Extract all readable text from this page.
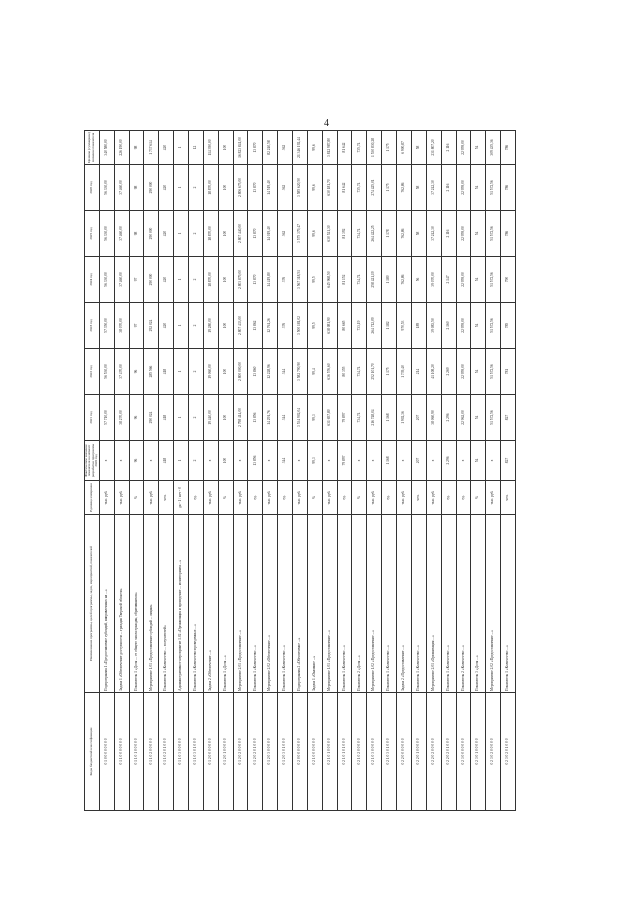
4
Коды бюджетной классификации	Наименование программы, целей программы, задач, мероприятий, показателей	Единица измерения	Фактическое значение показателя на момент разработки программы 2020 год	2021 год	2022 год	2023 год	2024 год	2025 год	2026 год	Целевое (суммарное) значение показателя
0 1 0 0 0 0 0 0 0 0	Подпрограмма 1 «Предоставление субсидий, направленных на ...»	тыс. руб.	х	57 710,00	56 530,00	57 350,00	56 330,00	56 330,00	56 330,00	340 580,00
0 1 1 0 0 0 0 0 0 0	Задача 1 «Обеспечение доступности ... граждан Тверской области»	тыс. руб.	х	38 270,00	37 470,00	38 070,00	37 460,00	37 460,00	37 460,00	226 190,00
0 1 1 0 1 0 0 0 0 0	Показатель 1 «Доля ... от общего числа граждан, обратившихся»	%	96	96	96	97	97	98	98	98
0 1 1 0 2 0 0 0 0 0	Мероприятие 1.01 «Предоставление субсидий ... лицам»	тыс. руб.	х	290 024	285 566	292 024	290 000	290 000	290 000	1 737 614
0 1 1 0 2 0 1 0 0 0	Показатель 1 «Количество ... получателей»	чел.	418	418	418	420	420	420	420	420
0 1 1 0 3 0 0 0 0 0	Административное мероприятие 1.02 «Организация и проведение ... мониторинга ...»	да - 1 / нет - 0	1	1	1	1	1	1	1	1
0 1 1 0 3 0 1 0 0 0	Показатель 1 «Количество проведенных ...»	ед.	2	2	2	2	2	2	2	12
0 1 2 0 0 0 0 0 0 0	Задача 2 «Обеспечение ...»	тыс. руб.	х	19 440,00	19 060,00	19 280,00	18 870,00	18 870,00	18 870,00	114 390,00
0 1 2 0 1 0 0 0 0 0	Показатель 1 «Доля ...»	%	100	100	100	100	100	100	100	100
0 1 2 0 2 0 0 0 0 0	Мероприятие 2.01 «Предоставление ...»	тыс. руб.	х	2 798 414,00	2 800 000,00	2 807 433,00	2 803 879,00	2 807 440,00	2 806 675,00	16 823 841,00
0 1 2 0 2 0 1 0 0 0	Показатель 1 «Количество ...»	ед.	13 856	13 856	13 860	13 862	13 870	13 870	13 870	13 870
0 1 2 0 3 0 0 0 0 0	Мероприятие 2.02 «Обеспечение ...»	тыс. руб.	х	14 291,76	12 228,96	12 761,26	14 419,80	14 019,40	14 519,40	82 240,58
0 1 2 0 3 0 1 0 0 0	Показатель 1 «Количество ...»	ед.	344	344	344	376	376	362	362	362
0 2 0 0 0 0 0 0 0 0	Подпрограмма 2 «Обеспечение ...»	тыс. руб.	х	3 534 902,04	3 582 790,90	3 500 181,02	3 567 318,51	3 575 379,47	3 585 620,50	21 346 192,44
0 2 1 0 0 0 0 0 0 0	Задача 1 «Оказание ...»	%	99,3	99,3	99,4	99,5	99,5	99,6	99,6	99,6
0 2 1 0 1 0 0 0 0 0	Мероприятие 1.01 «Предоставление ...»	тыс. руб.	х	631 657,80	636 576,60	638 081,90	645 968,50	630 521,30	630 181,70	3 812 987,80
0 2 1 0 1 0 1 0 0 0	Показатель 1 «Количество ...»	ед.	79 897	79 897	80 355	80 665	81 152	81 392	81 642	81 642
0 2 1 0 2 0 0 0 0 0	Показатель 2 «Доля ...»	%	х	734,74	734,74	733,19	734,74	734,74	735,74	735,74
0 2 1 0 3 0 0 0 0 0	Мероприятие 1.02 «Предоставление ...»	тыс. руб.	х	216 748,04	252 101,70	264 712,09	258 421,19	264 422,25	274 425,01	1 530 830,28
0 2 1 0 3 0 1 0 0 0	Показатель 1 «Количество ...»	ед.	1 168	1 168	1 175	1 182	1 180	1 178	1 175	1 175
0 2 2 0 0 0 0 0 0 0	Задача 2 «Предоставление ...»	тыс. руб.	х	1 902,36	1 739,40	970,53	762,86	762,86	762,86	6 900,87
0 2 2 0 1 0 0 0 0 0	Показатель 1 «Количество ...»	чел.	207	207	214	189	56	58	58	58
0 2 2 0 2 0 0 0 0 0	Мероприятие 2.01 «Организация ...»	тыс. руб.	х	38 060,90	41 108,20	39 083,50	39 070,00	37 242,30	37 242,30	231 807,20
0 2 2 0 2 0 1 0 0 0	Показатель 1 «Количество ...»	ед.	2 296	2 296	2 269	2 160	2 147	2 116	2 116	2 116
0 2 3 0 0 0 0 0 0 0	Показатель 2 «Количество ...»	ед.	х	22 962,00	22 959,00	22 959,00	22 959,00	22 959,00	22 959,00	22 959,00
0 2 3 0 1 0 0 0 0 0	Показатель 3 «Доля ...»	%	54	54	54	54	54	54	54	54
0 2 3 0 2 0 0 0 0 0	Мероприятие 2.02 «Предоставление ...»	тыс. руб.	х	51 572,56	51 572,56	51 572,56	51 572,56	51 572,56	51 572,56	309 435,36
0 2 3 0 2 0 1 0 0 0	Показатель 1 «Количество ...»	чел.	827	827	781	785	790	786	786	786
